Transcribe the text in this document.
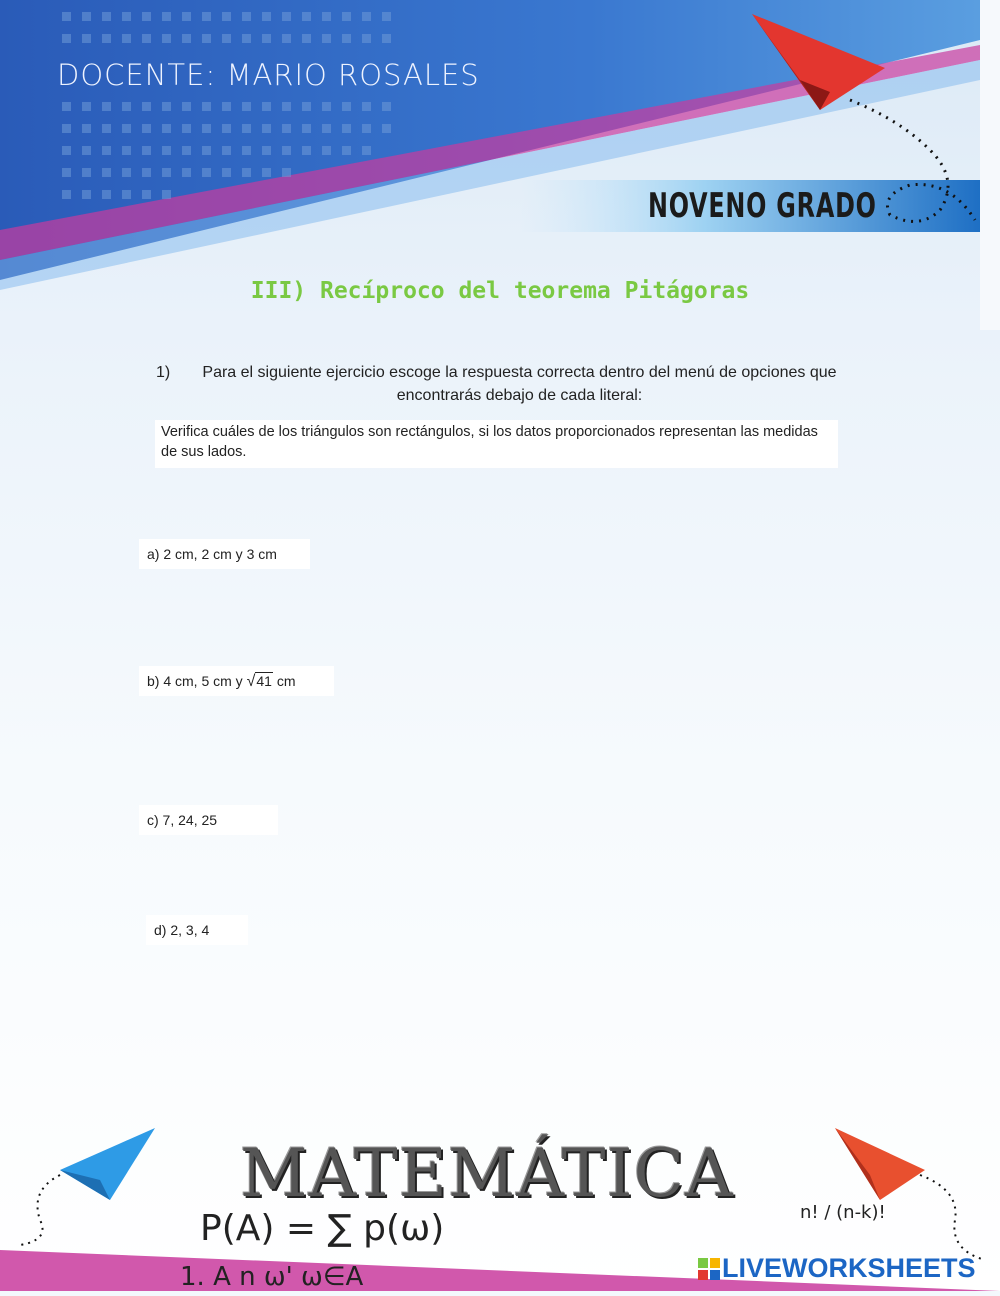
DOCENTE: MARIO ROSALES
NOVENO GRADO
III) Recíproco del teorema Pitágoras
1)	Para el siguiente ejercicio escoge la respuesta correcta dentro del menú de opciones que encontrarás debajo de cada literal:
Verifica cuáles de los triángulos son rectángulos, si los datos proporcionados representan las medidas de sus lados.
a) 2 cm, 2 cm y 3 cm
b) 4 cm, 5 cm y √41 cm
c) 7, 24, 25
d) 2, 3, 4
P(A) = ∑ p(ω)
1. A n ω' ω∈A
n! / (n-k)!
MATEMÁTICA
LIVEWORKSHEETS
